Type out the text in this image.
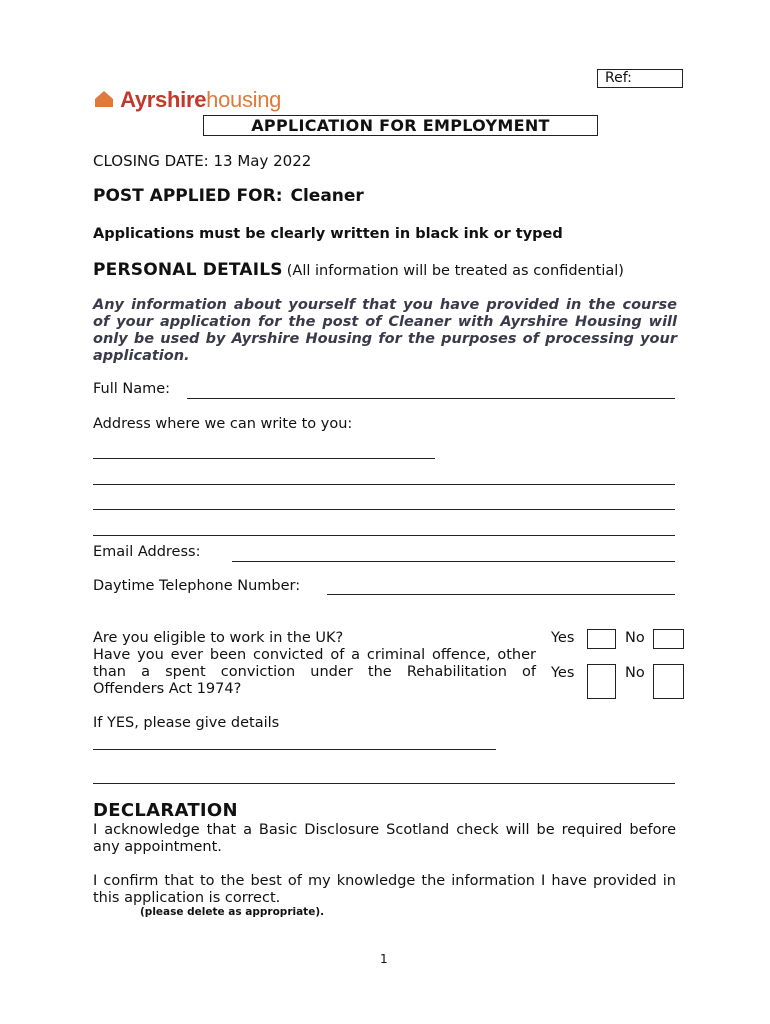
Ref:
Ayrshirehousing
APPLICATION FOR EMPLOYMENT
CLOSING DATE: 13 May 2022
POST APPLIED FOR: Cleaner
Applications must be clearly written in black ink or typed
PERSONAL DETAILS (All information will be treated as confidential)
Any information about yourself that you have provided in the course of your application for the post of Cleaner with Ayrshire Housing will only be used by Ayrshire Housing for the purposes of processing your application.
Full Name:
Address where we can write to you:
Email Address:
Daytime Telephone Number:
Are you eligible to work in the UK?
Have you ever been convicted of a criminal offence, other than a spent conviction under the Rehabilitation of Offenders Act 1974?
Yes	No
Yes	No
If YES, please give details
DECLARATION
I acknowledge that a Basic Disclosure Scotland check will be required before any appointment.
I confirm that to the best of my knowledge the information I have provided in this application is correct.
(please delete as appropriate).
1
